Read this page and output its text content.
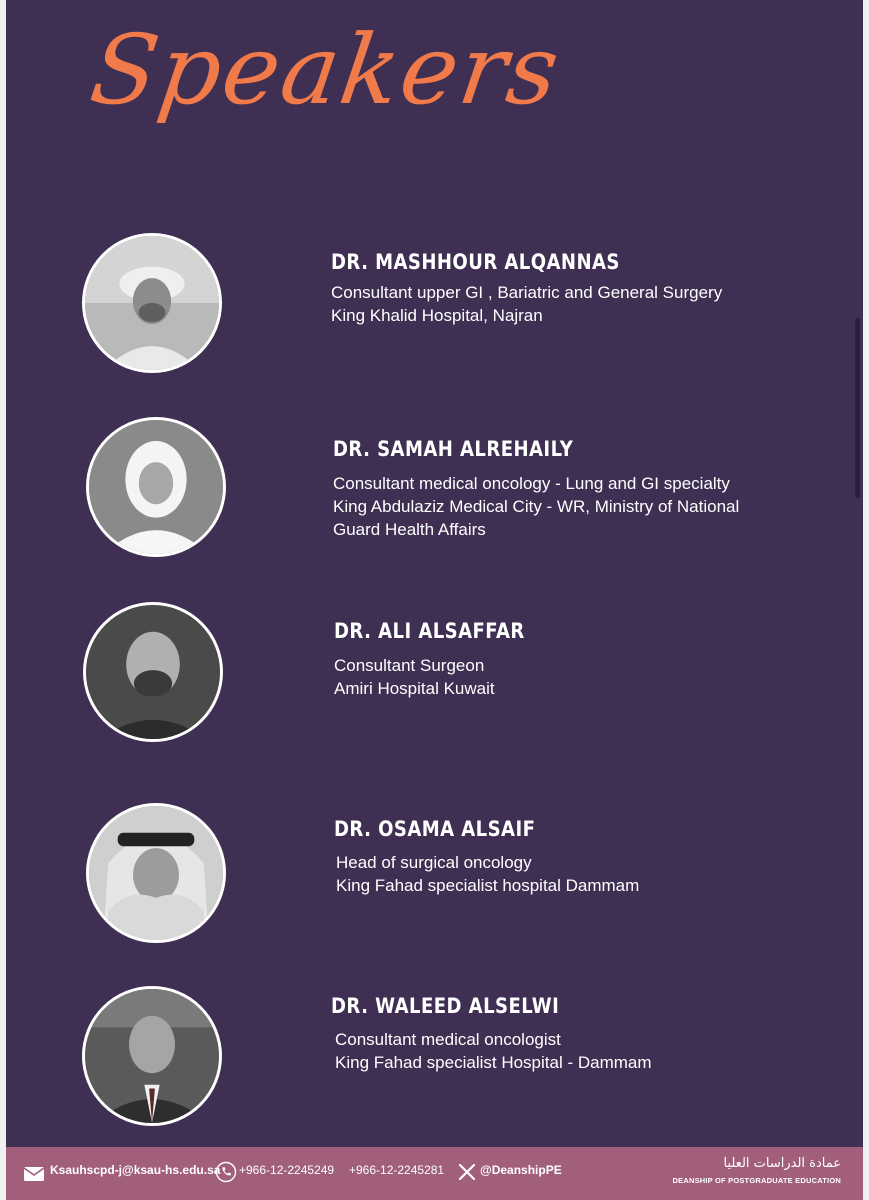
Speakers
DR. MASHHOUR ALQANNAS
Consultant upper GI , Bariatric and General Surgery
King Khalid Hospital, Najran
DR. SAMAH ALREHAILY
Consultant medical oncology - Lung and GI specialty
King Abdulaziz Medical City - WR, Ministry of National
Guard Health Affairs
DR. ALI ALSAFFAR
Consultant Surgeon
Amiri Hospital Kuwait
DR. OSAMA ALSAIF
Head of surgical oncology
King Fahad specialist hospital Dammam
DR. WALEED ALSELWI
Consultant medical oncologist
King Fahad specialist Hospital - Dammam
Ksauhscpd-j@ksau-hs.edu.sa +966-12-2245249 +966-12-2245281	@DeanshipPE	عمادة الدراسات العليا
DEANSHIP OF POSTGRADUATE EDUCATION
